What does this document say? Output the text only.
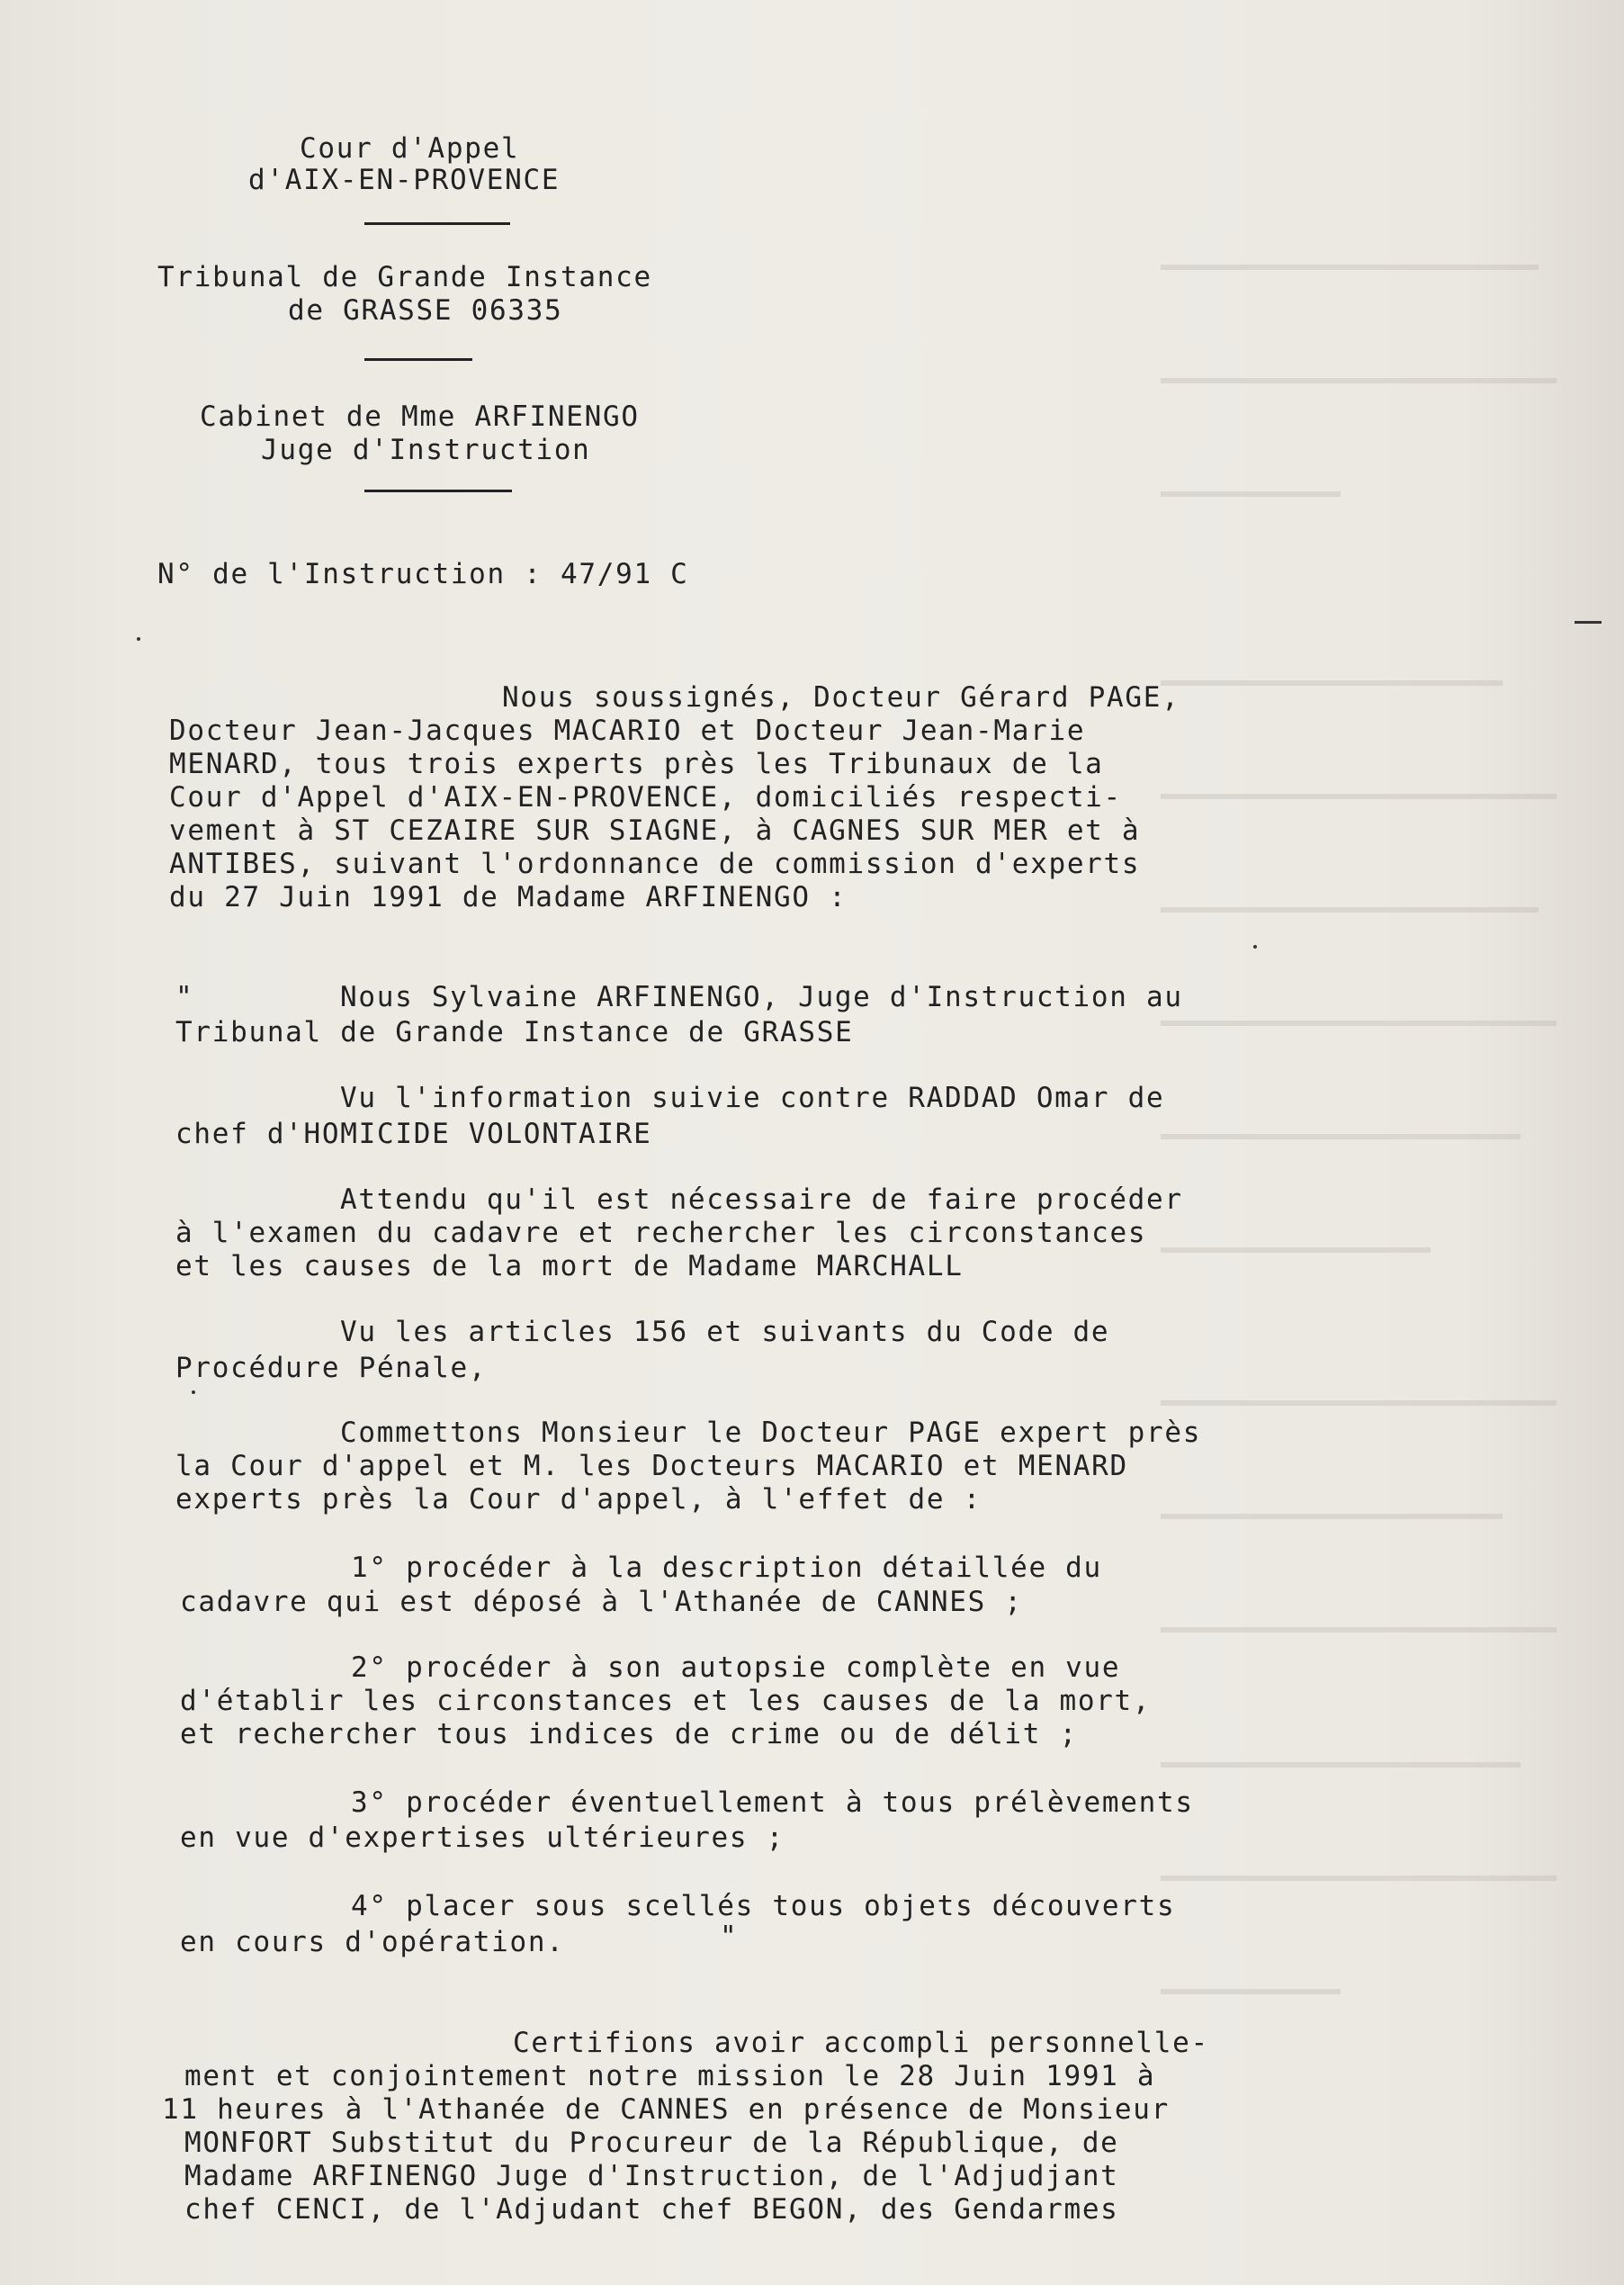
Cour d'Appel

d'AIX-EN-PROVENCE

Tribunal de Grande Instance

de GRASSE 06335

Cabinet de Mme ARFINENGO

Juge d'Instruction

N° de l'Instruction : 47/91 C

Nous soussignés, Docteur Gérard PAGE,

Docteur Jean-Jacques MACARIO et Docteur Jean-Marie

MENARD, tous trois experts près les Tribunaux de la

Cour d'Appel d'AIX-EN-PROVENCE, domiciliés respecti-

vement à ST CEZAIRE SUR SIAGNE, à CAGNES SUR MER et à

ANTIBES, suivant l'ordonnance de commission d'experts

du 27 Juin 1991 de Madame ARFINENGO :

"	Nous Sylvaine ARFINENGO, Juge d'Instruction au

Tribunal de Grande Instance de GRASSE

Vu l'information suivie contre RADDAD Omar de

chef d'HOMICIDE VOLONTAIRE

Attendu qu'il est nécessaire de faire procéder

à l'examen du cadavre et rechercher les circonstances

et les causes de la mort de Madame MARCHALL

Vu les articles 156 et suivants du Code de

Procédure Pénale,

Commettons Monsieur le Docteur PAGE expert près

la Cour d'appel et M. les Docteurs MACARIO et MENARD

experts près la Cour d'appel, à l'effet de :

1° procéder à la description détaillée du

cadavre qui est déposé à l'Athanée de CANNES ;

2° procéder à son autopsie complète en vue

d'établir les circonstances et les causes de la mort,

et rechercher tous indices de crime ou de délit ;

3° procéder éventuellement à tous prélèvements

en vue d'expertises ultérieures ;

4° placer sous scellés tous objets découverts

en cours d'opération.	"

Certifions avoir accompli personnelle-

ment et conjointement notre mission le 28 Juin 1991 à

11 heures à l'Athanée de CANNES en présence de Monsieur

MONFORT Substitut du Procureur de la République, de

Madame ARFINENGO Juge d'Instruction, de l'Adjudjant

chef CENCI, de l'Adjudant chef BEGON, des Gendarmes
